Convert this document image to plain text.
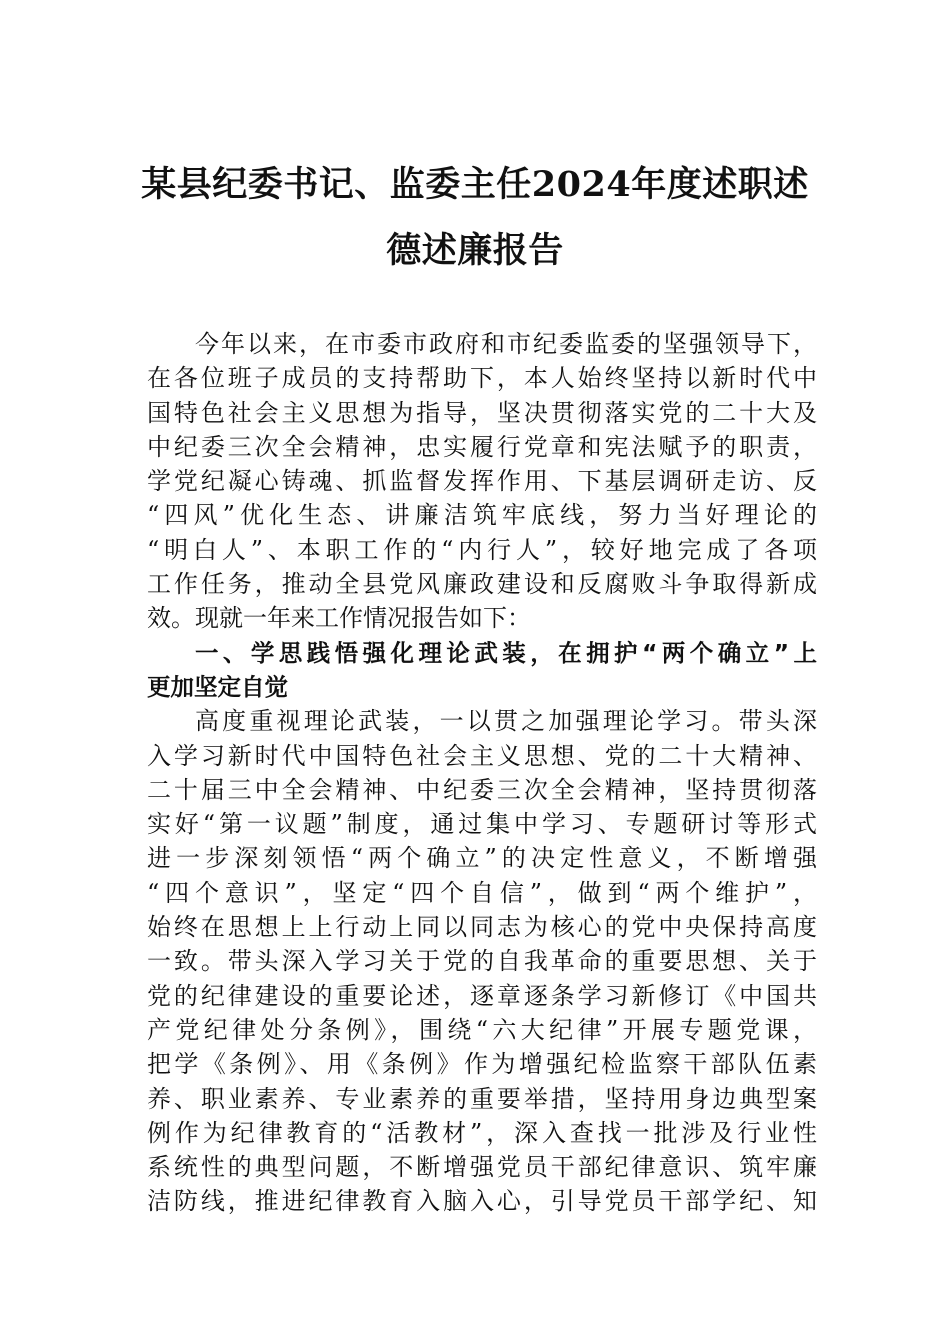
某县纪委书记、监委主任2024年度述职述
德述廉报告
今年以来，在市委市政府和市纪委监委的坚强领导下，
在各位班子成员的支持帮助下，本人始终坚持以新时代中
国特色社会主义思想为指导，坚决贯彻落实党的二十大及
中纪委三次全会精神，忠实履行党章和宪法赋予的职责，
学党纪凝心铸魂、抓监督发挥作用、下基层调研走访、反
“四风”优化生态、讲廉洁筑牢底线，努力当好理论的
“明白人”、本职工作的“内行人”，较好地完成了各项
工作任务，推动全县党风廉政建设和反腐败斗争取得新成
效。现就一年来工作情况报告如下：
一、学思践悟强化理论武装，在拥护“两个确立”上
更加坚定自觉
高度重视理论武装，一以贯之加强理论学习。带头深
入学习新时代中国特色社会主义思想、党的二十大精神、
二十届三中全会精神、中纪委三次全会精神，坚持贯彻落
实好“第一议题”制度，通过集中学习、专题研讨等形式
进一步深刻领悟“两个确立”的决定性意义，不断增强
“四个意识”，坚定“四个自信”，做到“两个维护”，
始终在思想上上行动上同以同志为核心的党中央保持高度
一致。带头深入学习关于党的自我革命的重要思想、关于
党的纪律建设的重要论述，逐章逐条学习新修订《中国共
产党纪律处分条例》，围绕“六大纪律”开展专题党课，
把学《条例》、用《条例》作为增强纪检监察干部队伍素
养、职业素养、专业素养的重要举措，坚持用身边典型案
例作为纪律教育的“活教材”，深入查找一批涉及行业性
系统性的典型问题，不断增强党员干部纪律意识、筑牢廉
洁防线，推进纪律教育入脑入心，引导党员干部学纪、知
